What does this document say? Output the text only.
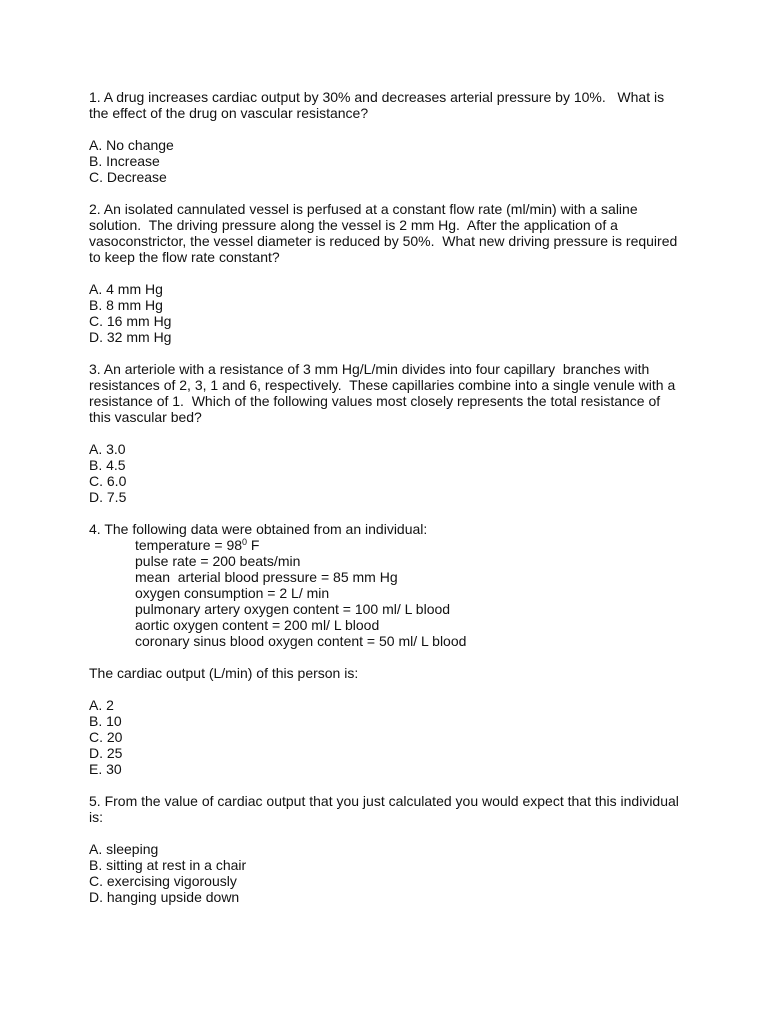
1. A drug increases cardiac output by 30% and decreases arterial pressure by 10%.   What is
the effect of the drug on vascular resistance?
A. No change
B. Increase
C. Decrease
2. An isolated cannulated vessel is perfused at a constant flow rate (ml/min) with a saline
solution.  The driving pressure along the vessel is 2 mm Hg.  After the application of a
vasoconstrictor, the vessel diameter is reduced by 50%.  What new driving pressure is required
to keep the flow rate constant?
A. 4 mm Hg
B. 8 mm Hg
C. 16 mm Hg
D. 32 mm Hg
3. An arteriole with a resistance of 3 mm Hg/L/min divides into four capillary  branches with
resistances of 2, 3, 1 and 6, respectively.  These capillaries combine into a single venule with a
resistance of 1.  Which of the following values most closely represents the total resistance of
this vascular bed?
A. 3.0
B. 4.5
C. 6.0
D. 7.5
4. The following data were obtained from an individual:
temperature = $98^0$ F
pulse rate = 200 beats/min
mean  arterial blood pressure = 85 mm Hg
oxygen consumption = 2 L/ min
pulmonary artery oxygen content = 100 ml/ L blood
aortic oxygen content = 200 ml/ L blood
coronary sinus blood oxygen content = 50 ml/ L blood
The cardiac output (L/min) of this person is:
A. 2
B. 10
C. 20
D. 25
E. 30
5. From the value of cardiac output that you just calculated you would expect that this individual
is:
A. sleeping
B. sitting at rest in a chair
C. exercising vigorously
D. hanging upside down
